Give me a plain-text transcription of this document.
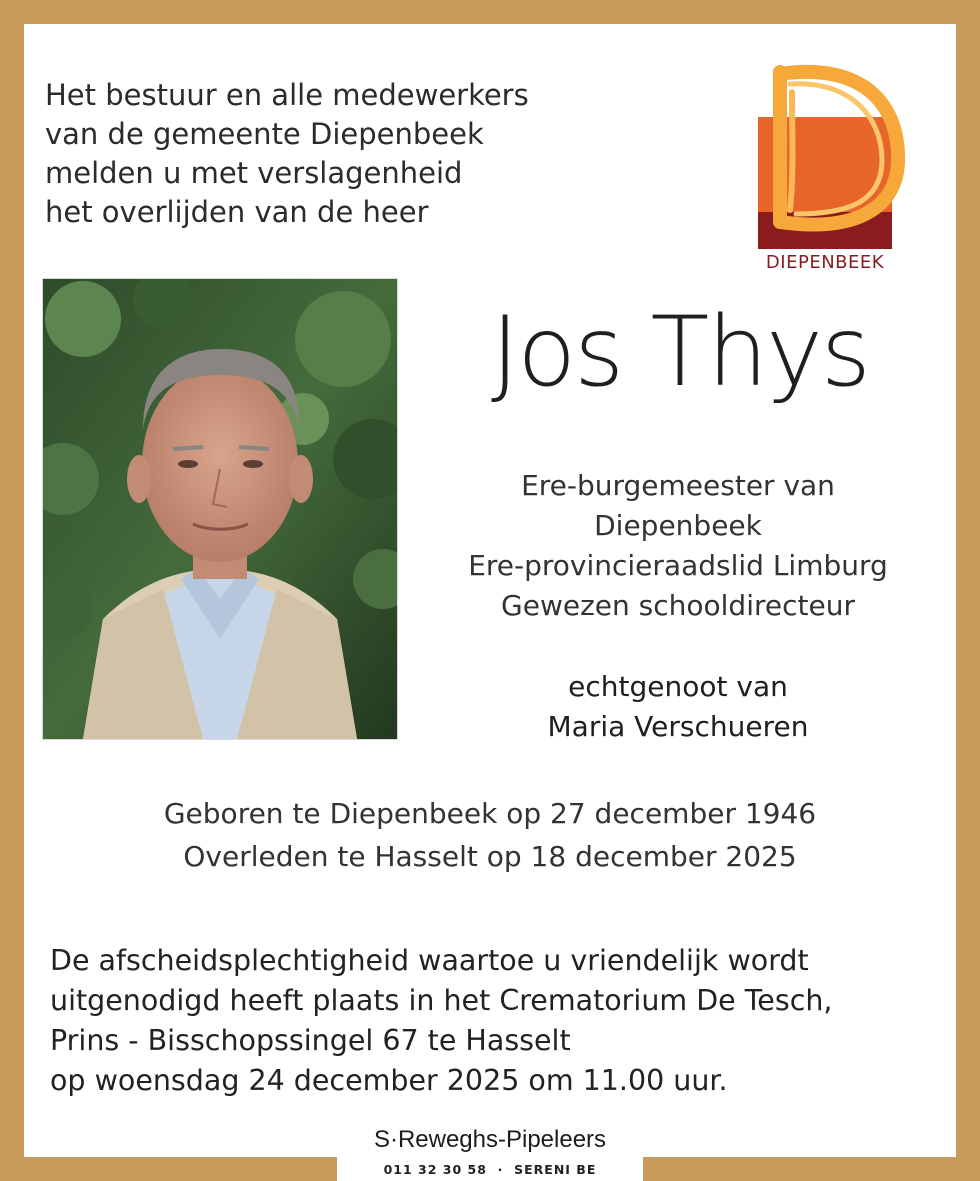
Het bestuur en alle medewerkers
van de gemeente Diepenbeek
melden u met verslagenheid
het overlijden van de heer

DIEPENBEEK
Jos Thys

Ere-burgemeester van
Diepenbeek
Ere-provincieraadslid Limburg
Gewezen schooldirecteur

echtgenoot van
Maria Verschueren
Geboren te Diepenbeek op 27 december 1946
Overleden te Hasselt op 18 december 2025
De afscheidsplechtigheid waartoe u vriendelijk wordt
uitgenodigd heeft plaats in het Crematorium De Tesch,
Prins - Bisschopssingel 67 te Hasselt
op woensdag 24 december 2025 om 11.00 uur.
S·Reweghs-Pipeleers
011 32 30 58 · SERENI BE
